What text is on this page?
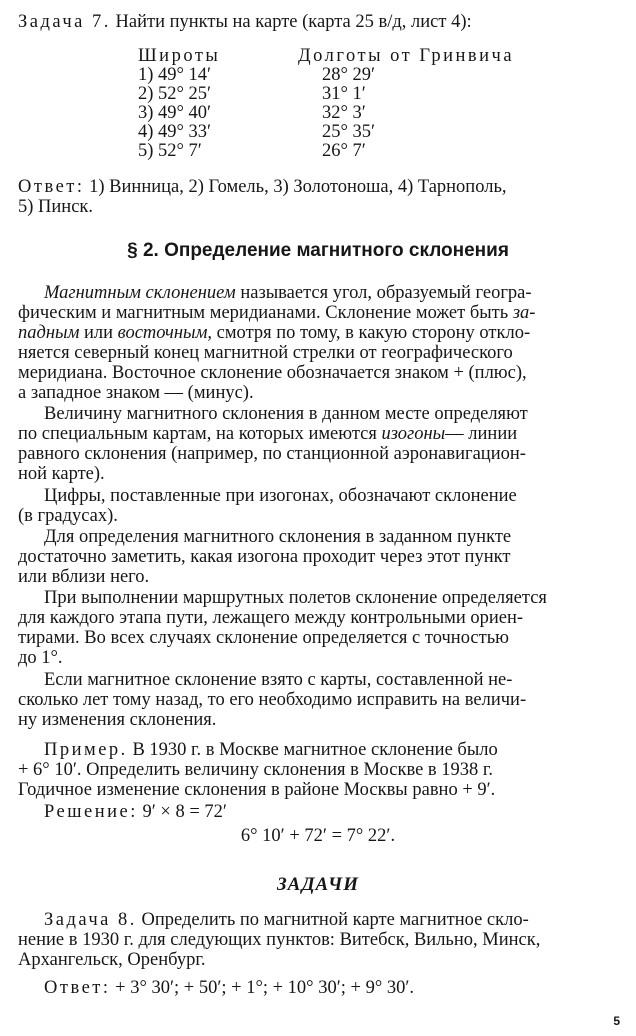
Задача 7. Найти пункты на карте (карта 25 в/д, лист 4):

Широты	Долготы от Гринвича
1) 49° 14′	28° 29′
2) 52° 25′	31° 1′
3) 49° 40′	32° 3′
4) 49° 33′	25° 35′
5) 52° 7′	26° 7′

Ответ: 1) Винница, 2) Гомель, 3) Золотоноша, 4) Тарнополь,
5) Пинск.

§ 2. Определение магнитного склонения

Магнитным склонением называется угол, образуемый геогра-
фическим и магнитным меридианами. Склонение может быть за-
падным или восточным, смотря по тому, в какую сторону откло-
няется северный конец магнитной стрелки от географического
меридиана. Восточное склонение обозначается знаком + (плюс),
а западное знаком — (минус).

Величину магнитного склонения в данном месте определяют
по специальным картам, на которых имеются изогоны— линии
равного склонения (например, по станционной аэронавигацион-
ной карте).

Цифры, поставленные при изогонах, обозначают склонение
(в градусах).

Для определения магнитного склонения в заданном пункте
достаточно заметить, какая изогона проходит через этот пункт
или вблизи него.

При выполнении маршрутных полетов склонение определяется
для каждого этапа пути, лежащего между контрольными ориен-
тирами. Во всех случаях склонение определяется с точностью
до 1°.

Если магнитное склонение взято с карты, составленной не-
сколько лет тому назад, то его необходимо исправить на величи-
ну изменения склонения.

Пример. В 1930 г. в Москве магнитное склонение было
+ 6° 10′. Определить величину склонения в Москве в 1938 г.
Годичное изменение склонения в районе Москвы равно + 9′.

Решение: 9′ × 8 = 72′

6° 10′ + 72′ = 7° 22′.
ЗАДАЧИ

Задача 8. Определить по магнитной карте магнитное скло-
нение в 1930 г. для следующих пунктов: Витебск, Вильно, Минск,
Архангельск, Оренбург.

Ответ: + 3° 30′; + 50′; + 1°; + 10° 30′; + 9° 30′.

5
